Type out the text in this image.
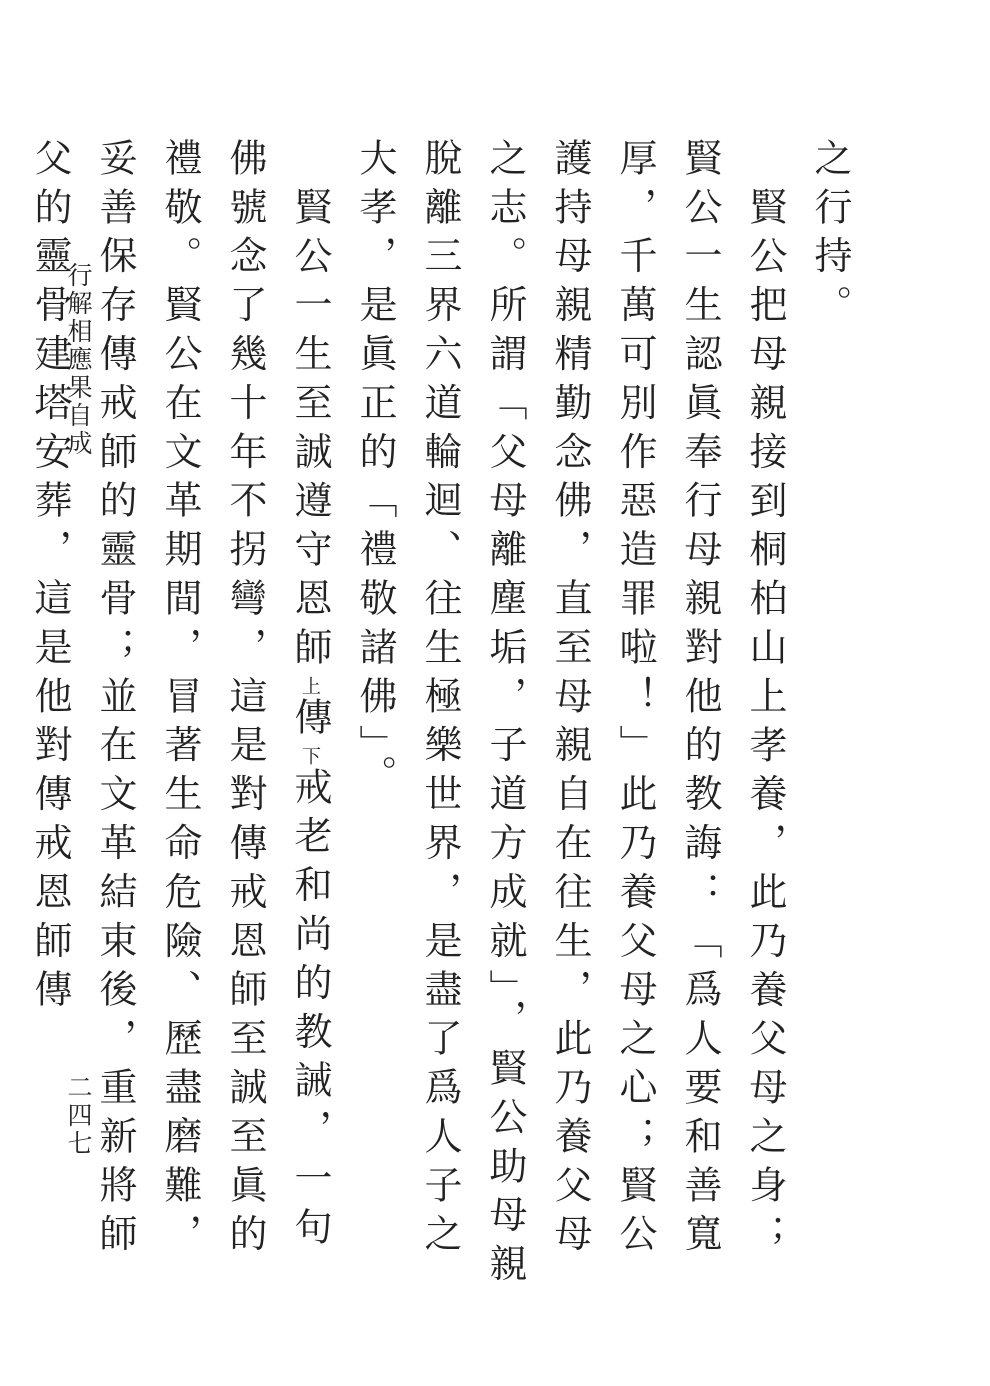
之行持。

賢公把母親接到桐柏山上孝養，此乃養父母之身；賢公一生認眞奉行母親對他的教誨：「爲人要和善寬厚，千萬可別作惡造罪啦！」此乃養父母之心；賢公護持母親精勤念佛，直至母親自在往生，此乃養父母之志。所謂「父母離塵垢，子道方成就」，賢公助母親脫離三界六道輪迴、往生極樂世界，是盡了爲人子之大孝，是眞正的「禮敬諸佛」。

賢公一生至誠遵守恩師上傳下戒老和尚的教誡，一句佛號念了幾十年不拐彎，這是對傳戒恩師至誠至眞的禮敬。賢公在文革期間，冒著生命危險、歷盡磨難，妥善保存傳戒師的靈骨；並在文革結束後，重新將師父的靈骨建塔安葬，這是他對傳戒恩師傳

行解相應果自成
二四七
